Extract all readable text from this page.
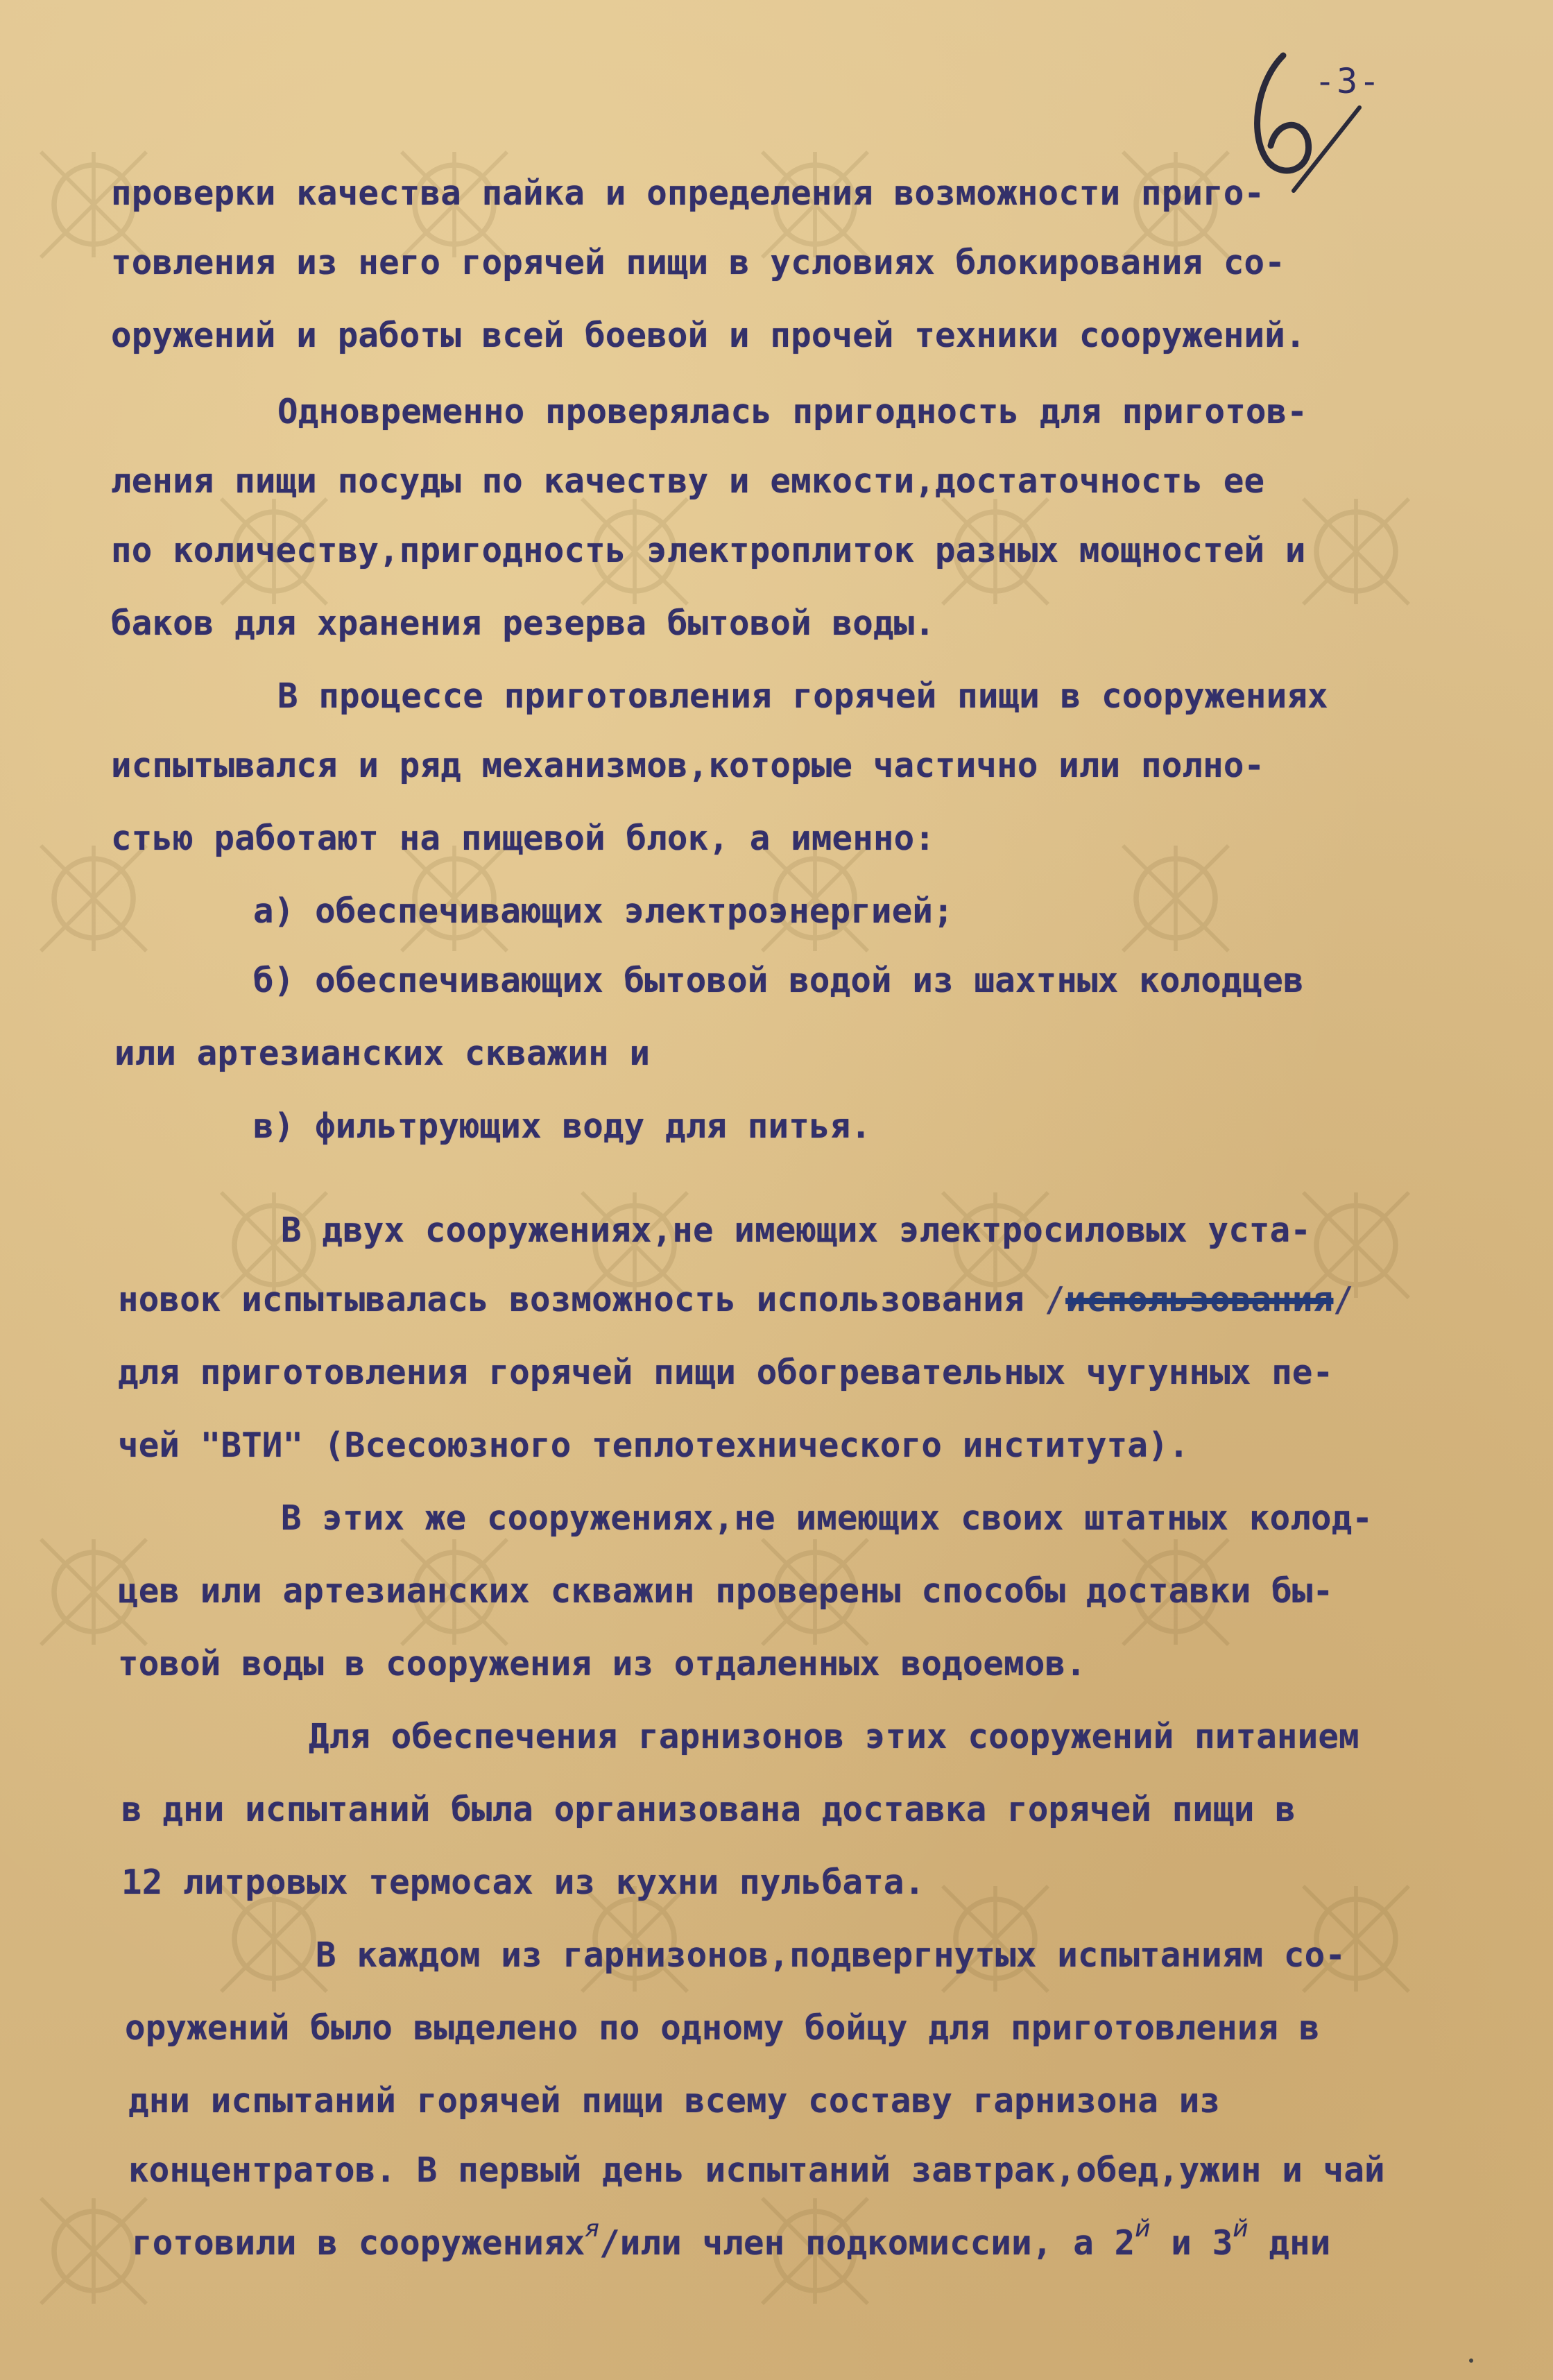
-3-
проверки качества пайка и определения возможности приго-
товления из него горячей пищи в условиях блокирования со-
оружений и работы всей боевой и прочей техники сооружений.
Одновременно проверялась пригодность для приготов-
ления пищи посуды по качеству и емкости,достаточность ее
по количеству,пригодность электроплиток разных мощностей и
баков для хранения резерва бытовой воды.
В процессе приготовления горячей пищи в сооружениях
испытывался и ряд механизмов,которые частично или полно-
стью работают на пищевой блок, а именно:
а) обеспечивающих электроэнергией;
б) обеспечивающих бытовой водой из шахтных колодцев
или артезианских скважин и
в) фильтрующих воду для питья.
В двух сооружениях,не имеющих электросиловых уста-
новок испытывалась возможность использования /использования/
для приготовления горячей пищи обогревательных чугунных пе-
чей "ВТИ" (Всесоюзного теплотехнического института).
В этих же сооружениях,не имеющих своих штатных колод-
цев или артезианских скважин проверены способы доставки бы-
товой воды в сооружения из отдаленных водоемов.
Для обеспечения гарнизонов этих сооружений питанием
в дни испытаний была организована доставка горячей пищи в
12 литровых термосах из кухни пульбата.
В каждом из гарнизонов,подвергнутых испытаниям со-
оружений было выделено по одному бойцу для приготовления в
дни испытаний горячей пищи всему составу гарнизона из
концентратов. В первый день испытаний завтрак,обед,ужин и чай
готовили в сооружениях$^я$/или член подкомиссии, а $2^й$ и $3^й$ дни
